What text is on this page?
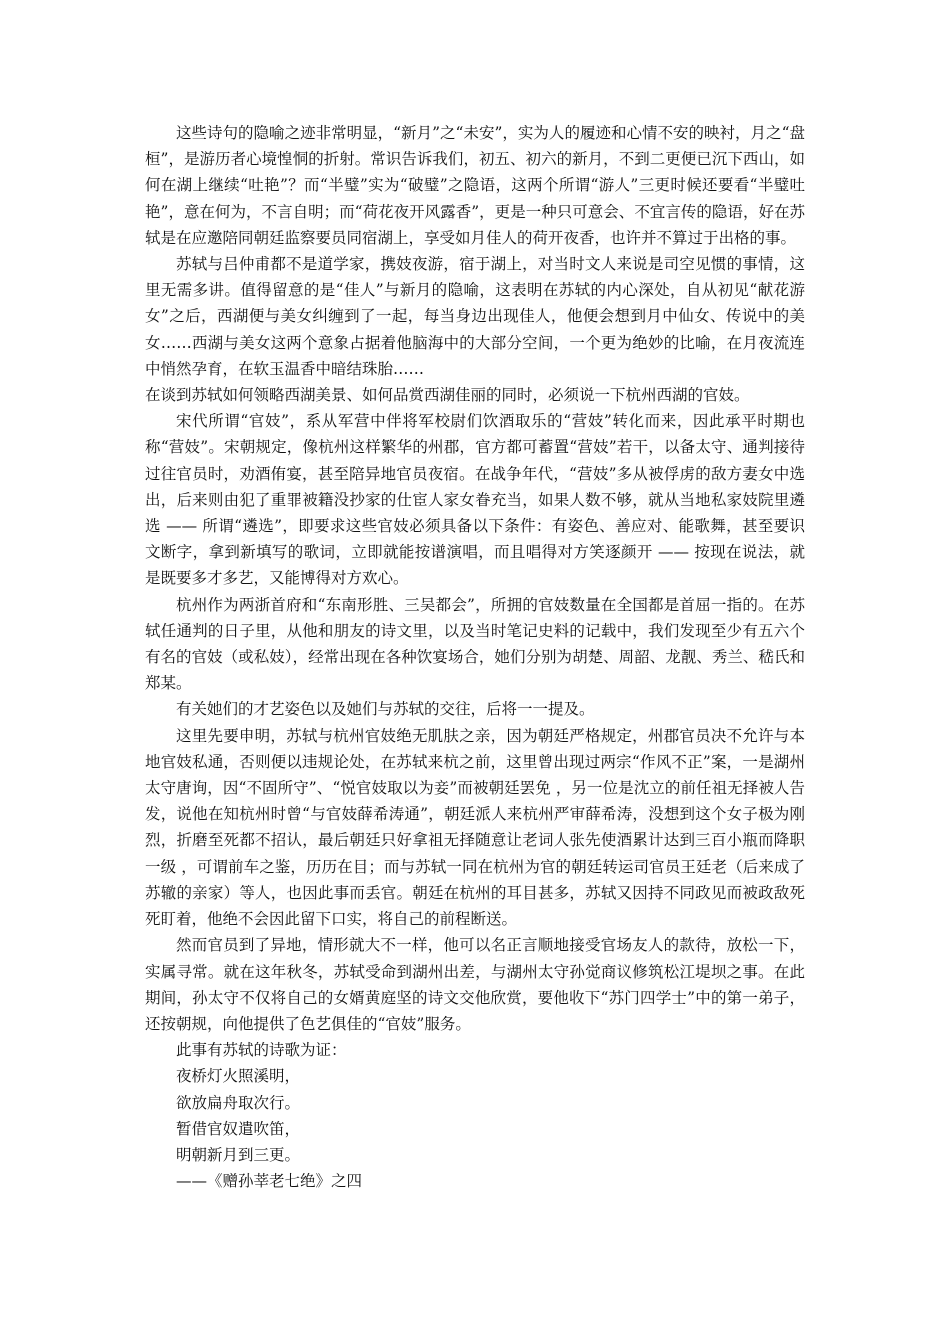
这些诗句的隐喻之迹非常明显，“新月”之“未安”，实为人的履迹和心情不安的映衬，月之“盘桓”，是游历者心境惶恫的折射。常识告诉我们，初五、初六的新月，不到二更便已沉下西山，如何在湖上继续“吐艳”？而“半璧”实为“破璧”之隐语，这两个所谓“游人”三更时候还要看“半璧吐艳”，意在何为，不言自明；而“荷花夜开风露香”，更是一种只可意会、不宜言传的隐语，好在苏轼是在应邀陪同朝廷监察要员同宿湖上，享受如月佳人的荷开夜香，也许并不算过于出格的事。

苏轼与吕仲甫都不是道学家，携妓夜游，宿于湖上，对当时文人来说是司空见惯的事情，这里无需多讲。值得留意的是“佳人”与新月的隐喻，这表明在苏轼的内心深处，自从初见“献花游女”之后，西湖便与美女纠缠到了一起，每当身边出现佳人，他便会想到月中仙女、传说中的美女……西湖与美女这两个意象占据着他脑海中的大部分空间，一个更为绝妙的比喻，在月夜流连中悄然孕育，在软玉温香中暗结珠胎……

在谈到苏轼如何领略西湖美景、如何品赏西湖佳丽的同时，必须说一下杭州西湖的官妓。

宋代所谓“官妓”，系从军营中伴将军校尉们饮酒取乐的“营妓”转化而来，因此承平时期也称“营妓”。宋朝规定，像杭州这样繁华的州郡，官方都可蓄置“营妓”若干，以备太守、通判接待过往官员时，劝酒侑宴，甚至陪异地官员夜宿。在战争年代，“营妓”多从被俘虏的敌方妻女中选出，后来则由犯了重罪被籍没抄家的仕宦人家女眷充当，如果人数不够，就从当地私家妓院里遴选 —— 所谓“遴选”，即要求这些官妓必须具备以下条件：有姿色、善应对、能歌舞，甚至要识文断字，拿到新填写的歌词，立即就能按谱演唱，而且唱得对方笑逐颜开 —— 按现在说法，就是既要多才多艺，又能博得对方欢心。

杭州作为两浙首府和“东南形胜、三吴都会”，所拥的官妓数量在全国都是首屈一指的。在苏轼任通判的日子里，从他和朋友的诗文里，以及当时笔记史料的记载中，我们发现至少有五六个有名的官妓（或私妓），经常出现在各种饮宴场合，她们分别为胡楚、周韶、龙靓、秀兰、嵇氏和郑某。

有关她们的才艺姿色以及她们与苏轼的交往，后将一一提及。

这里先要申明，苏轼与杭州官妓绝无肌肤之亲，因为朝廷严格规定，州郡官员决不允许与本地官妓私通，否则便以违规论处，在苏轼来杭之前，这里曾出现过两宗“作风不正”案，一是湖州太守唐询，因“不固所守”、“悦官妓取以为妾”而被朝廷罢免 ，另一位是沈立的前任祖无择被人告发，说他在知杭州时曾“与官妓薛希涛通”，朝廷派人来杭州严审薛希涛，没想到这个女子极为刚烈，折磨至死都不招认，最后朝廷只好拿祖无择随意让老词人张先使酒累计达到三百小瓶而降职一级 ，可谓前车之鉴，历历在目；而与苏轼一同在杭州为官的朝廷转运司官员王廷老（后来成了苏辙的亲家）等人，也因此事而丢官。朝廷在杭州的耳目甚多，苏轼又因持不同政见而被政敌死死盯着，他绝不会因此留下口实，将自己的前程断送。

然而官员到了异地，情形就大不一样，他可以名正言顺地接受官场友人的款待，放松一下，实属寻常。就在这年秋冬，苏轼受命到湖州出差，与湖州太守孙觉商议修筑松江堤坝之事。在此期间，孙太守不仅将自己的女婿黄庭坚的诗文交他欣赏，要他收下“苏门四学士”中的第一弟子，还按朝规，向他提供了色艺俱佳的“官妓”服务。

此事有苏轼的诗歌为证：

夜桥灯火照溪明，
欲放扁舟取次行。
暂借官奴遣吹笛，
明朝新月到三更。
——《赠孙莘老七绝》之四
